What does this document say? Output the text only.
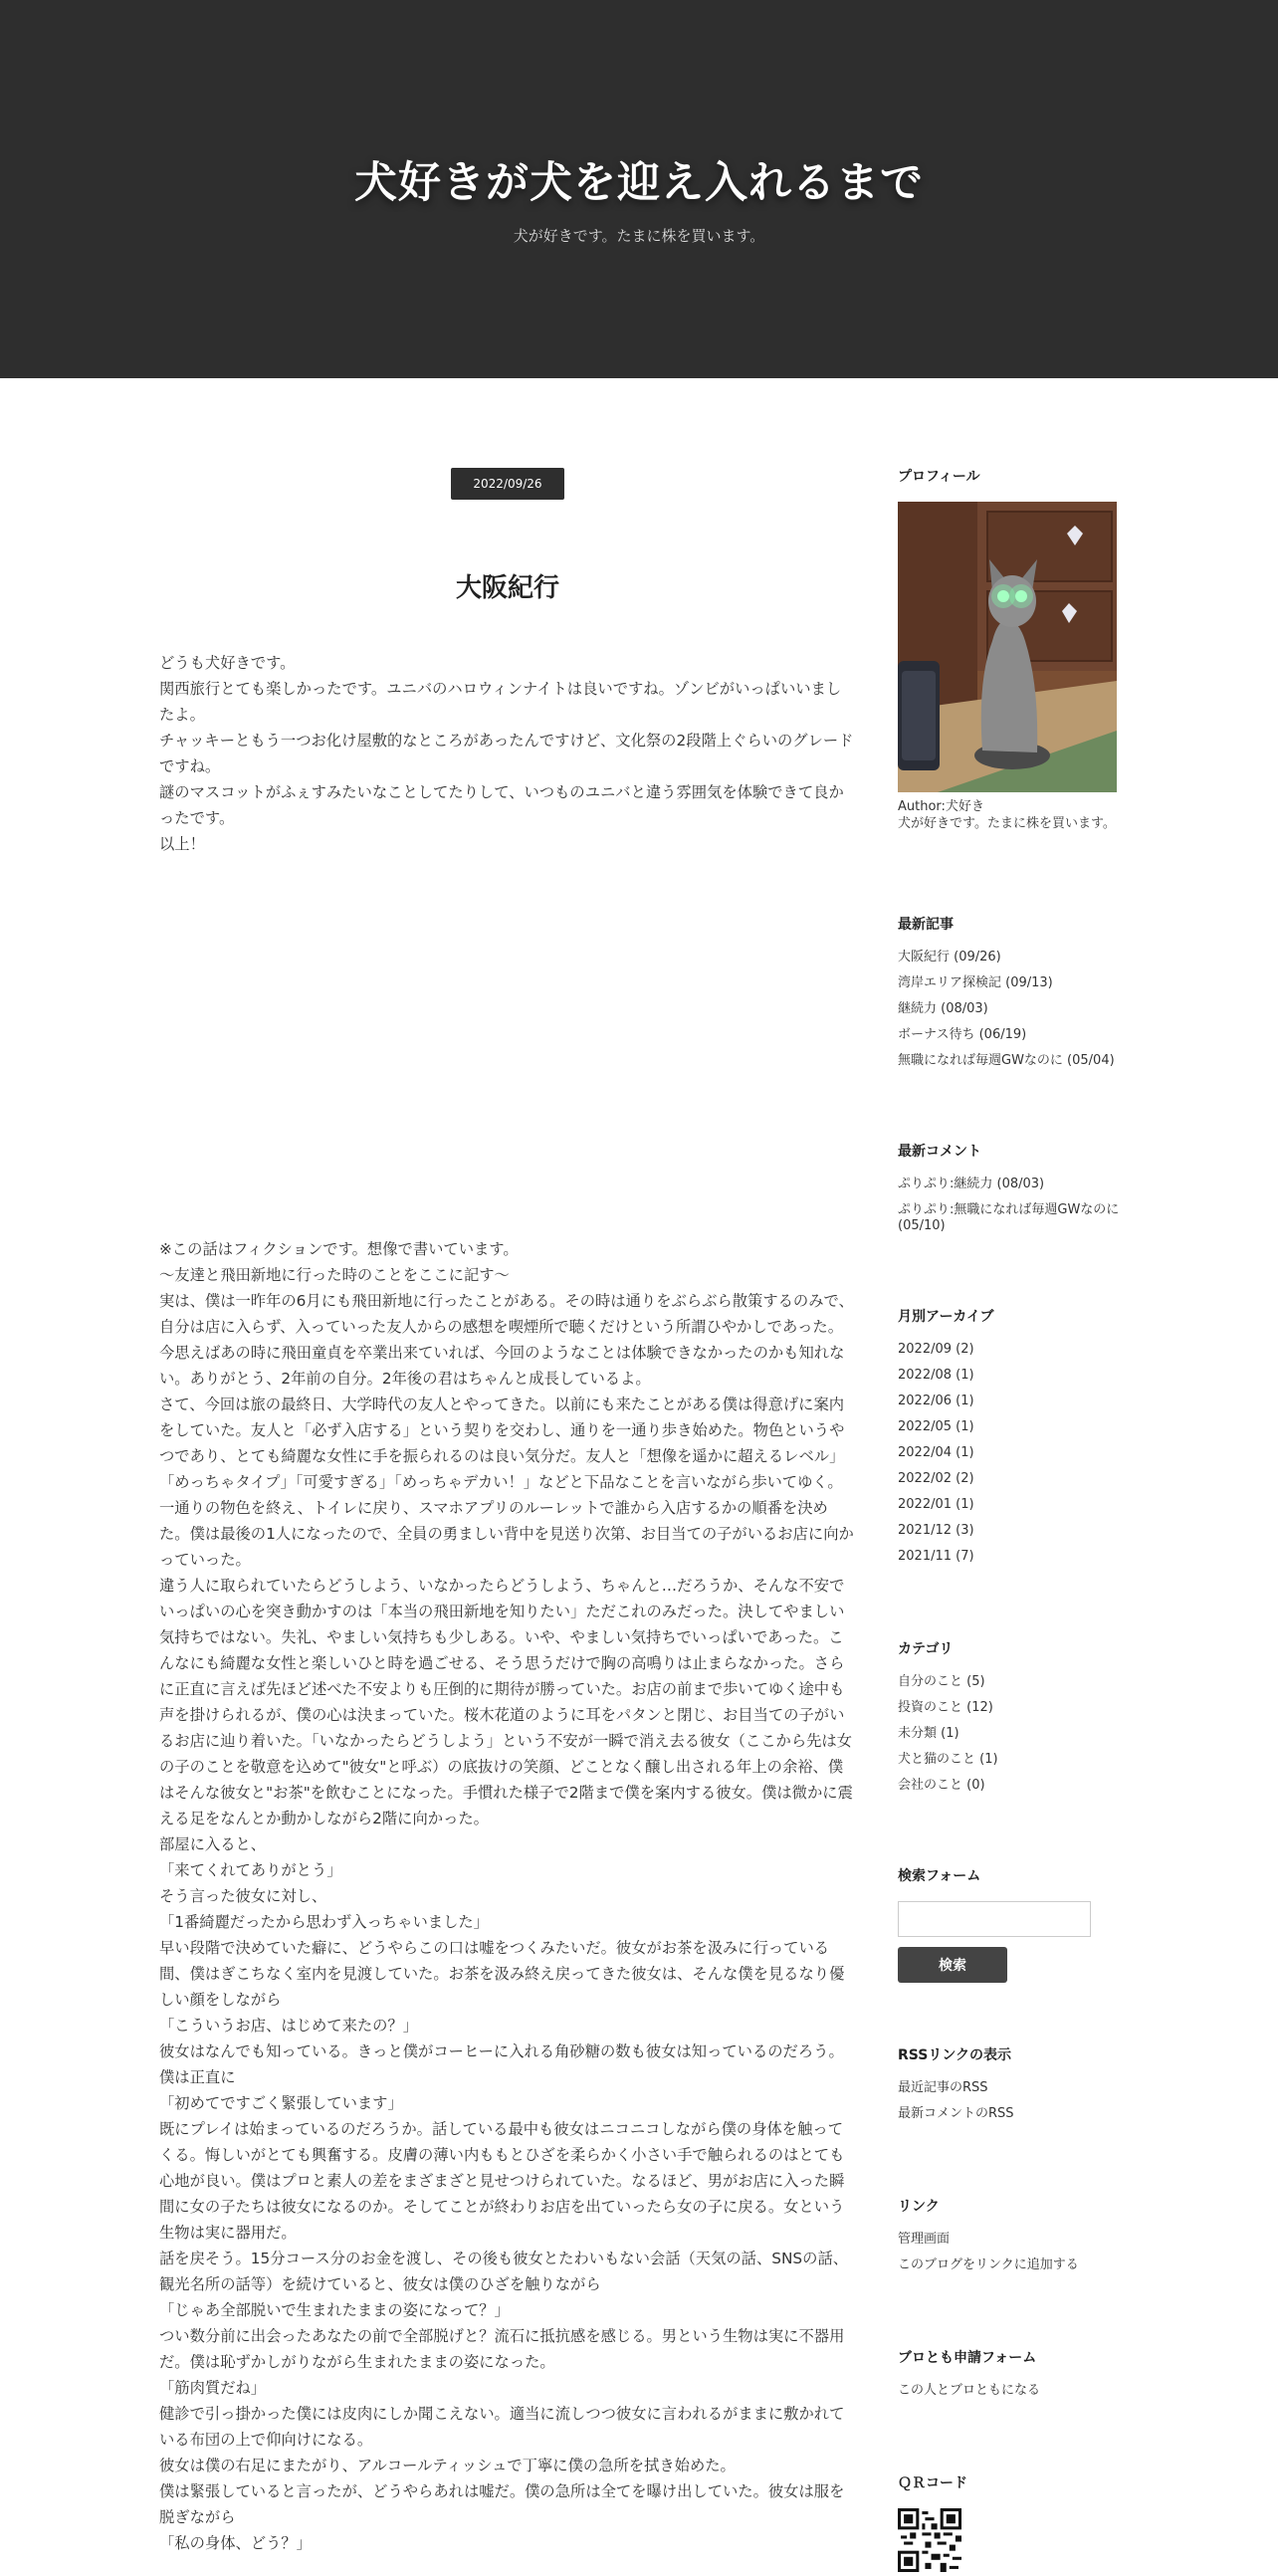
犬好きが犬を迎え入れるまで

犬が好きです。たまに株を買います。

2022/09/26
大阪紀行

どうも犬好きです。

関西旅行とても楽しかったです。ユニバのハロウィンナイトは良いですね。ゾンビがいっぱいいましたよ。

チャッキーともう一つお化け屋敷的なところがあったんですけど、文化祭の2段階上ぐらいのグレードですね。

謎のマスコットがふぇすみたいなことしてたりして、いつものユニバと違う雰囲気を体験できて良かったです。

以上！

※この話はフィクションです。想像で書いています。

～友達と飛田新地に行った時のことをここに記す～

実は、僕は一昨年の6月にも飛田新地に行ったことがある。その時は通りをぶらぶら散策するのみで、自分は店に入らず、入っていった友人からの感想を喫煙所で聴くだけという所謂ひやかしであった。今思えばあの時に飛田童貞を卒業出来ていれば、今回のようなことは体験できなかったのかも知れない。ありがとう、2年前の自分。2年後の君はちゃんと成長しているよ。

さて、今回は旅の最終日、大学時代の友人とやってきた。以前にも来たことがある僕は得意げに案内をしていた。友人と「必ず入店する」という契りを交わし、通りを一通り歩き始めた。物色というやつであり、とても綺麗な女性に手を振られるのは良い気分だ。友人と「想像を遥かに超えるレベル」「めっちゃタイプ」「可愛すぎる」「めっちゃデカい！」などと下品なことを言いながら歩いてゆく。一通りの物色を終え、トイレに戻り、スマホアプリのルーレットで誰から入店するかの順番を決めた。僕は最後の1人になったので、全員の勇ましい背中を見送り次第、お目当ての子がいるお店に向かっていった。

違う人に取られていたらどうしよう、いなかったらどうしよう、ちゃんと…だろうか、そんな不安でいっぱいの心を突き動かすのは「本当の飛田新地を知りたい」ただこれのみだった。決してやましい気持ちではない。失礼、やましい気持ちも少しある。いや、やましい気持ちでいっぱいであった。こんなにも綺麗な女性と楽しいひと時を過ごせる、そう思うだけで胸の高鳴りは止まらなかった。さらに正直に言えば先ほど述べた不安よりも圧倒的に期待が勝っていた。お店の前まで歩いてゆく途中も声を掛けられるが、僕の心は決まっていた。桜木花道のように耳をパタンと閉じ、お目当ての子がいるお店に辿り着いた。「いなかったらどうしよう」という不安が一瞬で消え去る彼女（ここから先は女の子のことを敬意を込めて"彼女"と呼ぶ）の底抜けの笑顔、どことなく醸し出される年上の余裕、僕はそんな彼女と"お茶"を飲むことになった。手慣れた様子で2階まで僕を案内する彼女。僕は微かに震える足をなんとか動かしながら2階に向かった。

部屋に入ると、

「来てくれてありがとう」

そう言った彼女に対し、

「1番綺麗だったから思わず入っちゃいました」

早い段階で決めていた癖に、どうやらこの口は嘘をつくみたいだ。彼女がお茶を汲みに行っている間、僕はぎこちなく室内を見渡していた。お茶を汲み終え戻ってきた彼女は、そんな僕を見るなり優しい顔をしながら

「こういうお店、はじめて来たの？」

彼女はなんでも知っている。きっと僕がコーヒーに入れる角砂糖の数も彼女は知っているのだろう。僕は正直に

「初めてですごく緊張しています」

既にプレイは始まっているのだろうか。話している最中も彼女はニコニコしながら僕の身体を触ってくる。悔しいがとても興奮する。皮膚の薄い内ももとひざを柔らかく小さい手で触られるのはとても心地が良い。僕はプロと素人の差をまざまざと見せつけられていた。なるほど、男がお店に入った瞬間に女の子たちは彼女になるのか。そしてことが終わりお店を出ていったら女の子に戻る。女という生物は実に器用だ。

話を戻そう。15分コース分のお金を渡し、その後も彼女とたわいもない会話（天気の話、SNSの話、観光名所の話等）を続けていると、彼女は僕のひざを触りながら

「じゃあ全部脱いで生まれたままの姿になって？」

つい数分前に出会ったあなたの前で全部脱げと？流石に抵抗感を感じる。男という生物は実に不器用だ。僕は恥ずかしがりながら生まれたままの姿になった。

「筋肉質だね」

健診で引っ掛かった僕には皮肉にしか聞こえない。適当に流しつつ彼女に言われるがままに敷かれている布団の上で仰向けになる。

彼女は僕の右足にまたがり、アルコールティッシュで丁寧に僕の急所を拭き始めた。

僕は緊張していると言ったが、どうやらあれは嘘だ。僕の急所は全てを曝け出していた。彼女は服を脱ぎながら

「私の身体、どう？」

プロフィール
Author:犬好き
犬が好きです。たまに株を買います。
最新記事
大阪紀行 (09/26)
湾岸エリア探検記 (09/13)
継続力 (08/03)
ボーナス待ち (06/19)
無職になれば毎週GWなのに (05/04)
最新コメント
ぷりぷり:継続力 (08/03)
ぷりぷり:無職になれば毎週GWなのに (05/10)
月別アーカイブ
2022/09 (2)
2022/08 (1)
2022/06 (1)
2022/05 (1)
2022/04 (1)
2022/02 (2)
2022/01 (1)
2021/12 (3)
2021/11 (7)
カテゴリ
自分のこと (5)
投資のこと (12)
未分類 (1)
犬と猫のこと (1)
会社のこと (0)
検索フォーム
検索
RSSリンクの表示
最近記事のRSS
最新コメントのRSS
リンク
管理画面
このブログをリンクに追加する
ブロとも申請フォーム
この人とブロともになる
ＱＲコード
